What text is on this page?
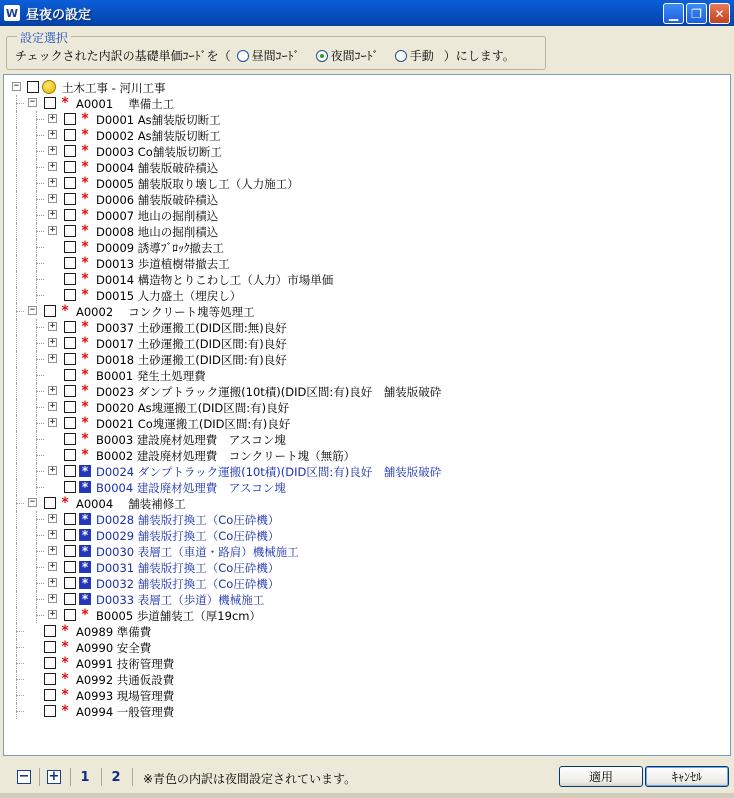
W 昼夜の設定	▁ ❐ ✕
設定選択
チェックされた内訳の基礎単価ｺｰﾄﾞを（ 昼間ｺｰﾄﾞ	夜間ｺｰﾄﾞ	手動 ）にします。
−	土木工事 - 河川工事
− * A0001 　準備土工
+ * D0001 As舗装版切断工
+ * D0002 As舗装版切断工
+ * D0003 Co舗装版切断工
+ * D0004 舗装版破砕積込
+ * D0005 舗装版取り壊し工（人力施工）
+ * D0006 舗装版破砕積込
+ * D0007 地山の掘削積込
+ * D0008 地山の掘削積込
* D0009 誘導ﾌﾞﾛｯｸ撤去工
* D0013 歩道植樹帯撤去工
* D0014 構造物とりこわし工（人力）市場単価
* D0015 人力盛土（埋戻し）
− * A0002 　コンクリート塊等処理工
+ * D0037 土砂運搬工(DID区間:無)良好
+ * D0017 土砂運搬工(DID区間:有)良好
+ * D0018 土砂運搬工(DID区間:有)良好
* B0001 発生土処理費
+ * D0023 ダンプトラック運搬(10t積)(DID区間:有)良好　舗装版破砕
+ * D0020 As塊運搬工(DID区間:有)良好
+ * D0021 Co塊運搬工(DID区間:有)良好
* B0003 建設廃材処理費　アスコン塊
* B0002 建設廃材処理費　コンクリート塊（無筋）
+ * D0024 ダンプトラック運搬(10t積)(DID区間:有)良好　舗装版破砕
* B0004 建設廃材処理費　アスコン塊
− * A0004 　舗装補修工
+ * D0028 舗装版打換工（Co圧砕機）
+ * D0029 舗装版打換工（Co圧砕機）
+ * D0030 表層工（車道・路肩）機械施工
+ * D0031 舗装版打換工（Co圧砕機）
+ * D0032 舗装版打換工（Co圧砕機）
+ * D0033 表層工（歩道）機械施工
+ * B0005 歩道舗装工（厚19cm）
* A0989 準備費
* A0990 安全費
* A0991 技術管理費
* A0992 共通仮設費
* A0993 現場管理費
* A0994 一般管理費
− +	1	2	※青色の内訳は夜間設定されています。	適用	ｷｬﾝｾﾙ
